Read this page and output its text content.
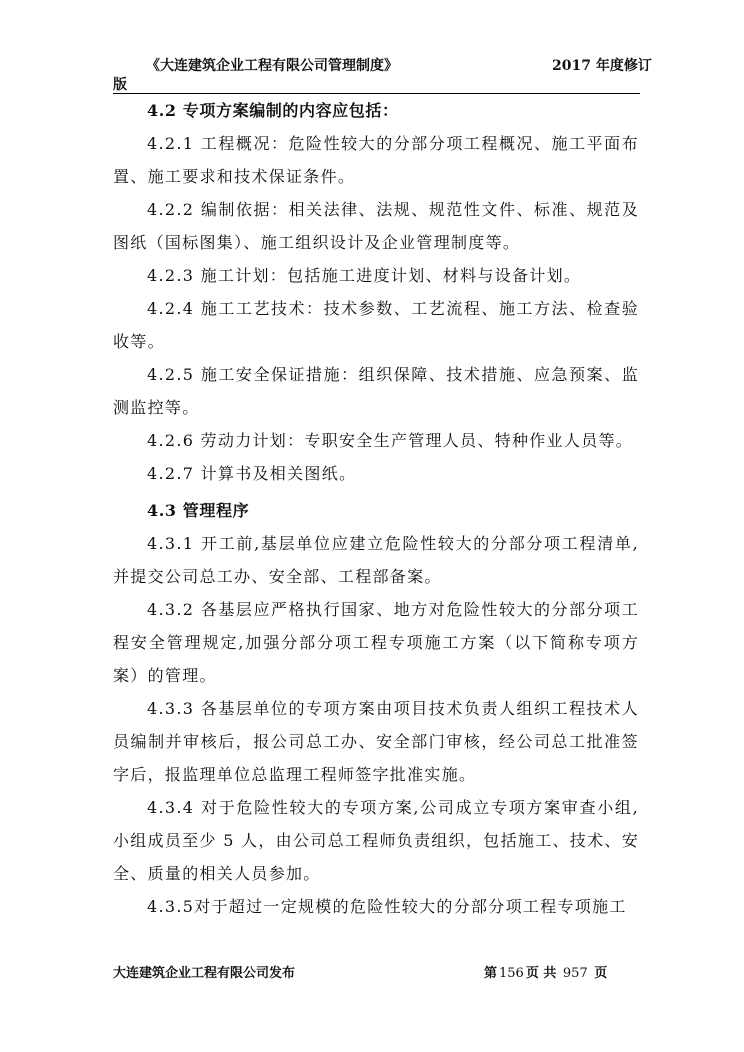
《大连建筑企业工程有限公司管理制度》	2017 年度修订
版

4.2 专项方案编制的内容应包括：

4.2.1 工程概况：危险性较大的分部分项工程概况、施工平面布置、施工要求和技术保证条件。

4.2.2 编制依据：相关法律、法规、规范性文件、标准、规范及图纸（国标图集）、施工组织设计及企业管理制度等。

4.2.3 施工计划：包括施工进度计划、材料与设备计划。

4.2.4 施工工艺技术：技术参数、工艺流程、施工方法、检查验收等。

4.2.5 施工安全保证措施：组织保障、技术措施、应急预案、监测监控等。

4.2.6 劳动力计划：专职安全生产管理人员、特种作业人员等。

4.2.7 计算书及相关图纸。

4.3 管理程序

4.3.1 开工前,基层单位应建立危险性较大的分部分项工程清单,并提交公司总工办、安全部、工程部备案。

4.3.2 各基层应严格执行国家、地方对危险性较大的分部分项工程安全管理规定,加强分部分项工程专项施工方案（以下简称专项方案）的管理。

4.3.3 各基层单位的专项方案由项目技术负责人组织工程技术人员编制并审核后，报公司总工办、安全部门审核，经公司总工批准签字后，报监理单位总监理工程师签字批准实施。

4.3.4 对于危险性较大的专项方案,公司成立专项方案审查小组,小组成员至少 5 人，由公司总工程师负责组织，包括施工、技术、安全、质量的相关人员参加。

4.3.5对于超过一定规模的危险性较大的分部分项工程专项施工

大连建筑企业工程有限公司发布	第 156 页 共 957 页
